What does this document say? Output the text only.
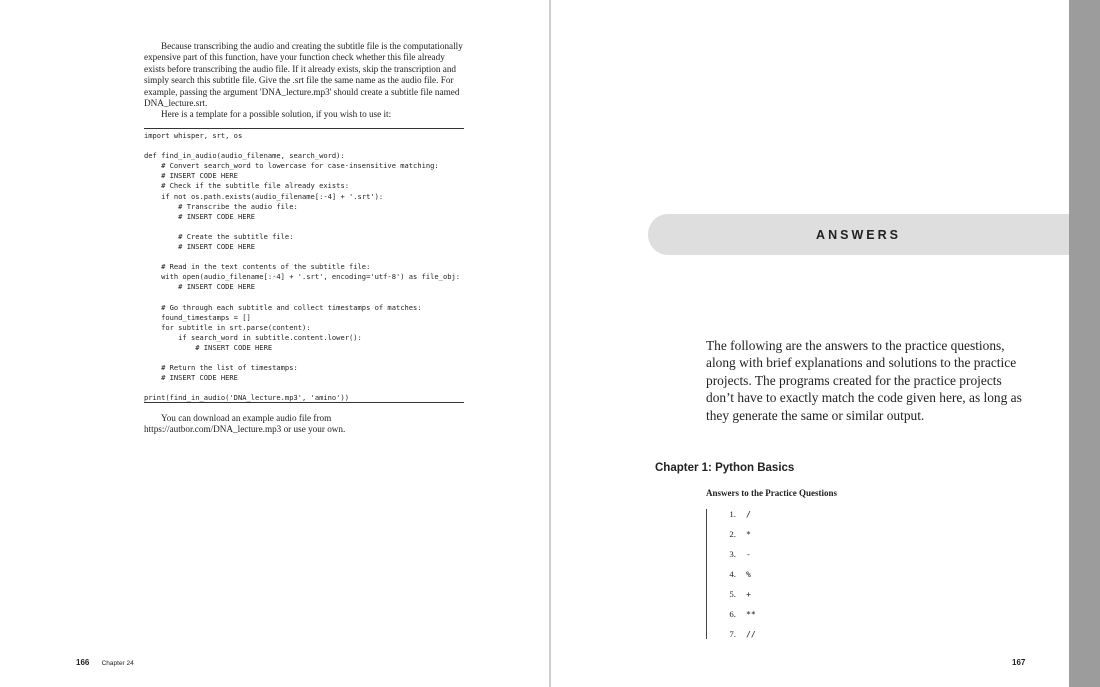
Because transcribing the audio and creating the subtitle file is the computationally expensive part of this function, have your function check whether this file already exists before transcribing the audio file. If it already exists, skip the transcription and simply search this subtitle file. Give the .srt file the same name as the audio file. For example, passing the argument 'DNA_lecture.mp3' should create a subtitle file named DNA_lecture.srt.

Here is a template for a possible solution, if you wish to use it:

import whisper, srt, os

def find_in_audio(audio_filename, search_word):
# Convert search_word to lowercase for case-insensitive matching:
# INSERT CODE HERE
# Check if the subtitle file already exists:
if not os.path.exists(audio_filename[:-4] + '.srt'):
# Transcribe the audio file:
# INSERT CODE HERE

# Create the subtitle file:
# INSERT CODE HERE

# Read in the text contents of the subtitle file:
with open(audio_filename[:-4] + '.srt', encoding='utf-8') as file_obj:
# INSERT CODE HERE

# Go through each subtitle and collect timestamps of matches:
found_timestamps = []
for subtitle in srt.parse(content):
if search_word in subtitle.content.lower():
# INSERT CODE HERE

# Return the list of timestamps:
# INSERT CODE HERE

print(find_in_audio('DNA_lecture.mp3', 'amino'))

You can download an example audio file from https://autbor.com/DNA_lecture.mp3 or use your own.

166 Chapter 24
ANSWERS

The following are the answers to the practice questions, along with brief explanations and solutions to the practice projects. The programs created for the practice projects don’t have to exactly match the code given here, as long as they generate the same or similar output.

Chapter 1: Python Basics
Answers to the Practice Questions
1. /
2. *
3. -
4. %
5. +
6. **
7. //
167
